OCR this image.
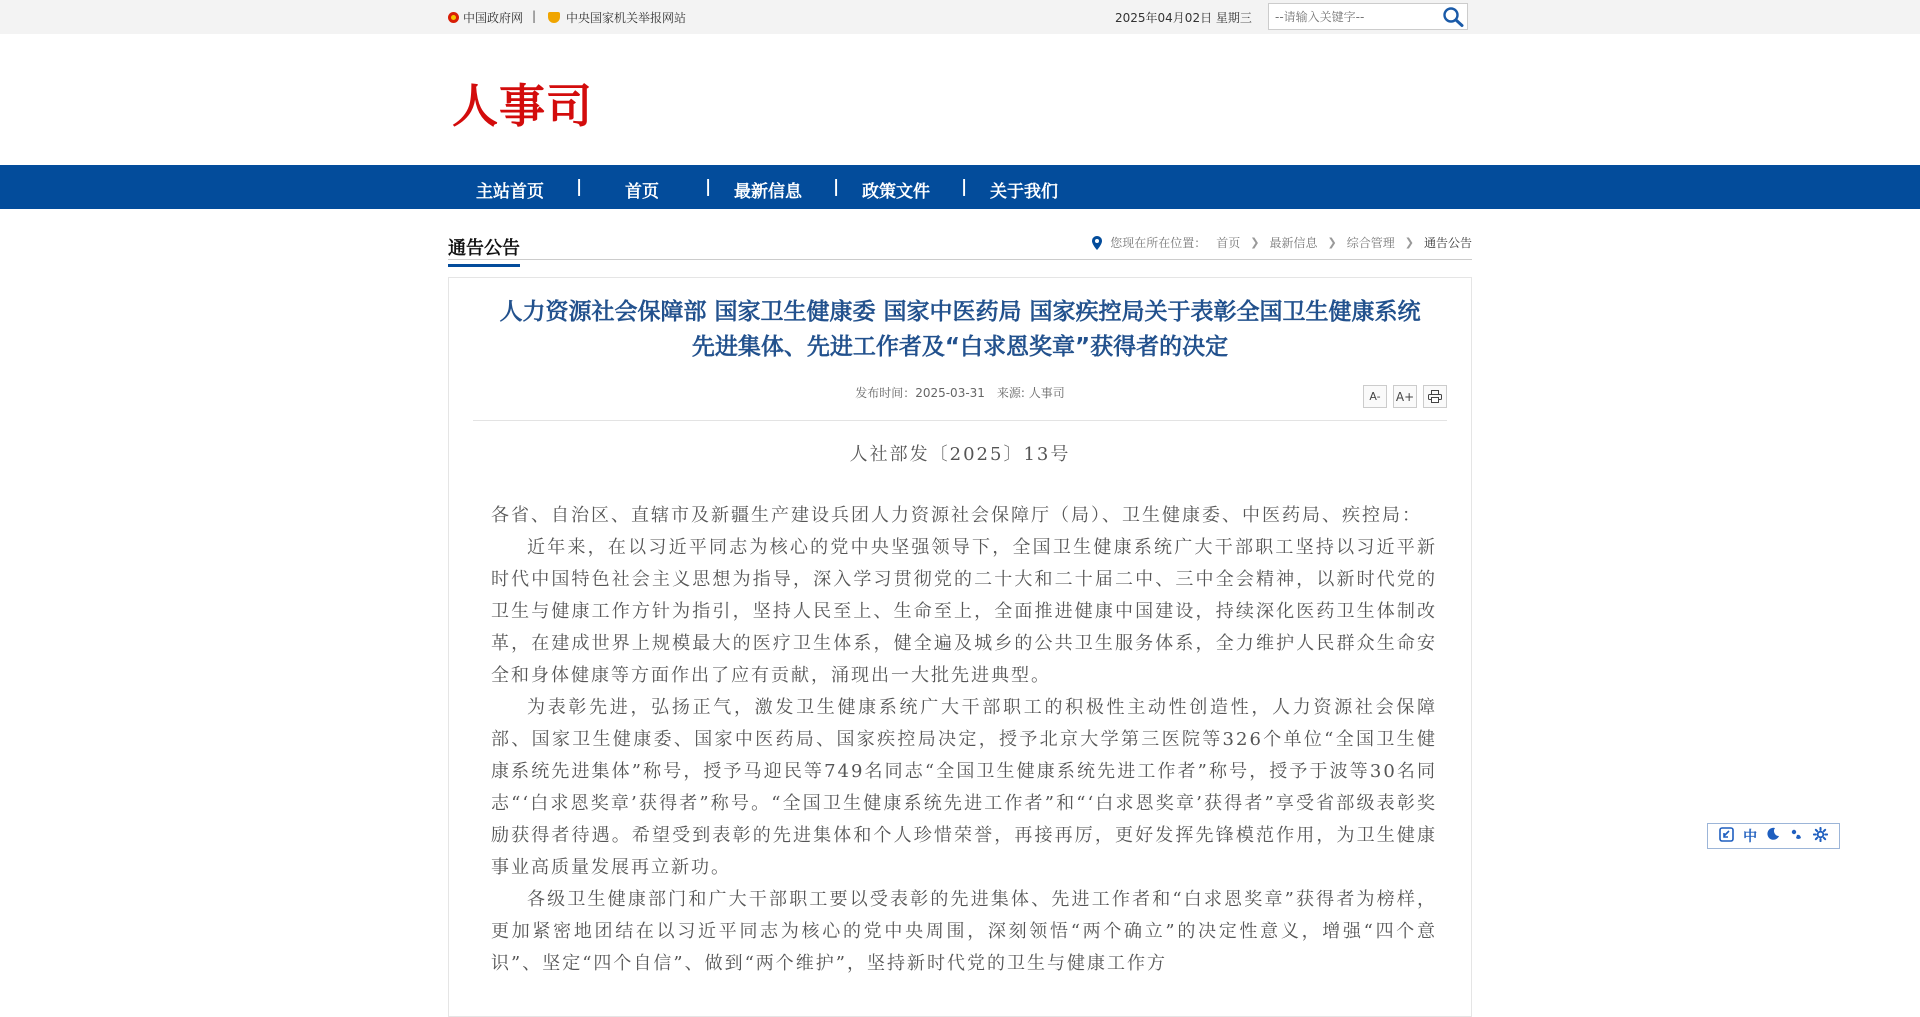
中国政府网 | 中央国家机关举报网站	2025年04月02日 星期三
--请输入关键字--
人事司
主站首页 |	首页	| 最新信息 | 政策文件 | 关于我们
通告公告	您现在所在位置： 首页 ❯ 最新信息 ❯ 综合管理 ❯ 通告公告
人力资源社会保障部 国家卫生健康委 国家中医药局 国家疾控局关于表彰全国卫生健康系统
先进集体、先进工作者及“白求恩奖章”获得者的决定
发布时间：2025-03-31　来源: 人事司	A- A+
人社部发〔2025〕13号

各省、自治区、直辖市及新疆生产建设兵团人力资源社会保障厅（局）、卫生健康委、中医药局、疾控局：

近年来，在以习近平同志为核心的党中央坚强领导下，全国卫生健康系统广大干部职工坚持以习近平新时代中国特色社会主义思想为指导，深入学习贯彻党的二十大和二十届二中、三中全会精神，以新时代党的卫生与健康工作方针为指引，坚持人民至上、生命至上，全面推进健康中国建设，持续深化医药卫生体制改革，在建成世界上规模最大的医疗卫生体系，健全遍及城乡的公共卫生服务体系，全力维护人民群众生命安全和身体健康等方面作出了应有贡献，涌现出一大批先进典型。

为表彰先进，弘扬正气，激发卫生健康系统广大干部职工的积极性主动性创造性，人力资源社会保障部、国家卫生健康委、国家中医药局、国家疾控局决定，授予北京大学第三医院等326个单位“全国卫生健康系统先进集体”称号，授予马迎民等749名同志“全国卫生健康系统先进工作者”称号，授予于波等30名同志“‘白求恩奖章’获得者”称号。“全国卫生健康系统先进工作者”和“‘白求恩奖章’获得者”享受省部级表彰奖励获得者待遇。希望受到表彰的先进集体和个人珍惜荣誉，再接再厉，更好发挥先锋模范作用，为卫生健康事业高质量发展再立新功。

各级卫生健康部门和广大干部职工要以受表彰的先进集体、先进工作者和“白求恩奖章”获得者为榜样，更加紧密地团结在以习近平同志为核心的党中央周围，深刻领悟“两个确立”的决定性意义，增强“四个意识”、坚定“四个自信”、做到“两个维护”，坚持新时代党的卫生与健康工作方

中
